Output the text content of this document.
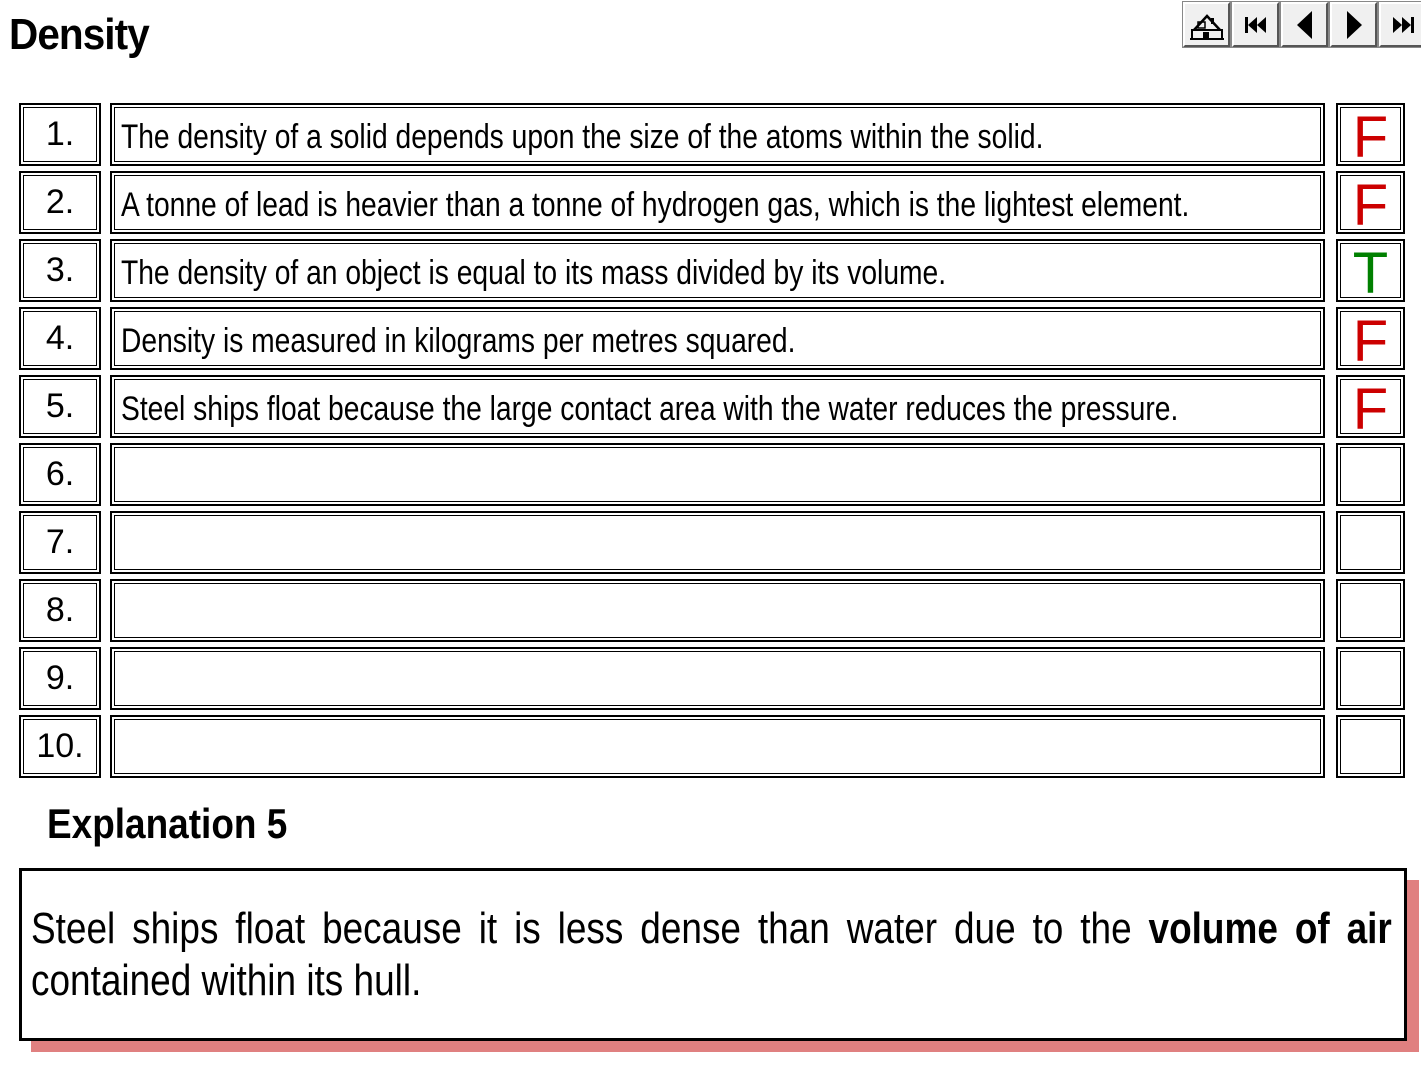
Density
1.	The density of a solid depends upon the size of the atoms within the solid.	F
2.	A tonne of lead is heavier than a tonne of hydrogen gas, which is the lightest element.	F
3.	The density of an object is equal to its mass divided by its volume.	T
4.	Density is measured in kilograms per metres squared.	F
5.	Steel ships float because the large contact area with the water reduces the pressure.	F
6.
7.
8.
9.
10.
Explanation 5
Steel ships float because it is less dense than water due to the volume of air contained within its hull.
